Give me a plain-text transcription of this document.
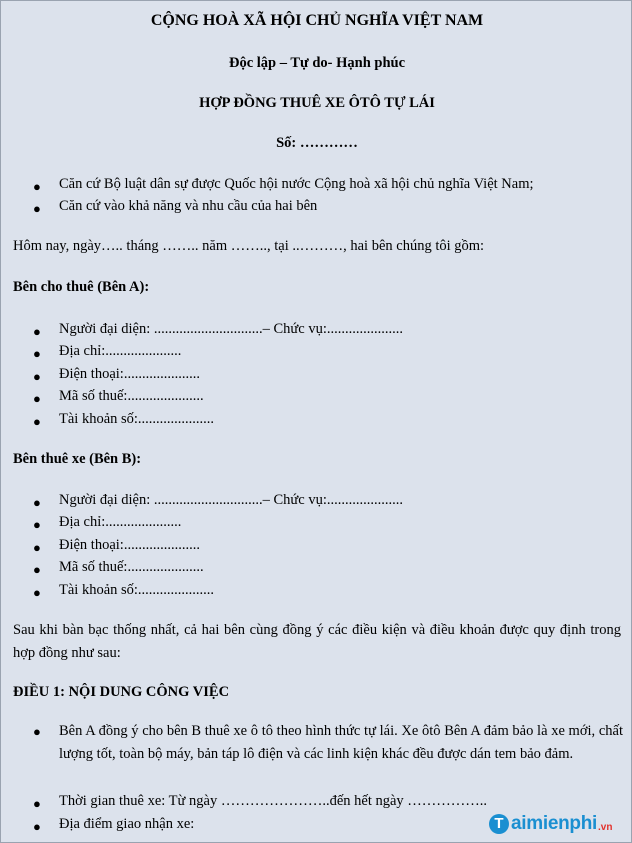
CỘNG HOÀ XÃ HỘI CHỦ NGHĨA VIỆT NAM
Độc lập – Tự do- Hạnh phúc
HỢP ĐỒNG THUÊ XE ÔTÔ TỰ LÁI
Số: …………
● Căn cứ Bộ luật dân sự được Quốc hội nước Cộng hoà xã hội chủ nghĩa Việt Nam;
● Căn cứ vào khả năng và nhu cầu của hai bên
Hôm nay, ngày….. tháng …….. năm …….., tại ..………, hai bên chúng tôi gồm:
Bên cho thuê (Bên A):
● Người đại diện: ..............................– Chức vụ:.....................
● Địa chỉ:.....................
● Điện thoại:.....................
● Mã số thuế:.....................
● Tài khoản số:.....................
Bên thuê xe (Bên B):
● Người đại diện: ..............................– Chức vụ:.....................
● Địa chỉ:.....................
● Điện thoại:.....................
● Mã số thuế:.....................
● Tài khoản số:.....................
Sau khi bàn bạc thống nhất, cả hai bên cùng đồng ý các điều kiện và điều khoản được quy định trong hợp đồng như sau:
ĐIỀU 1: NỘI DUNG CÔNG VIỆC
● Bên A đồng ý cho bên B thuê xe ô tô theo hình thức tự lái. Xe ôtô Bên A đảm bảo là xe mới, chất lượng tốt, toàn bộ máy, bản táp lô điện và các linh kiện khác đều được dán tem bảo đảm.
● Thời gian thuê xe: Từ ngày …………………..đến hết ngày ……………..
● Địa điểm giao nhận xe:	T aimienphi .vn
